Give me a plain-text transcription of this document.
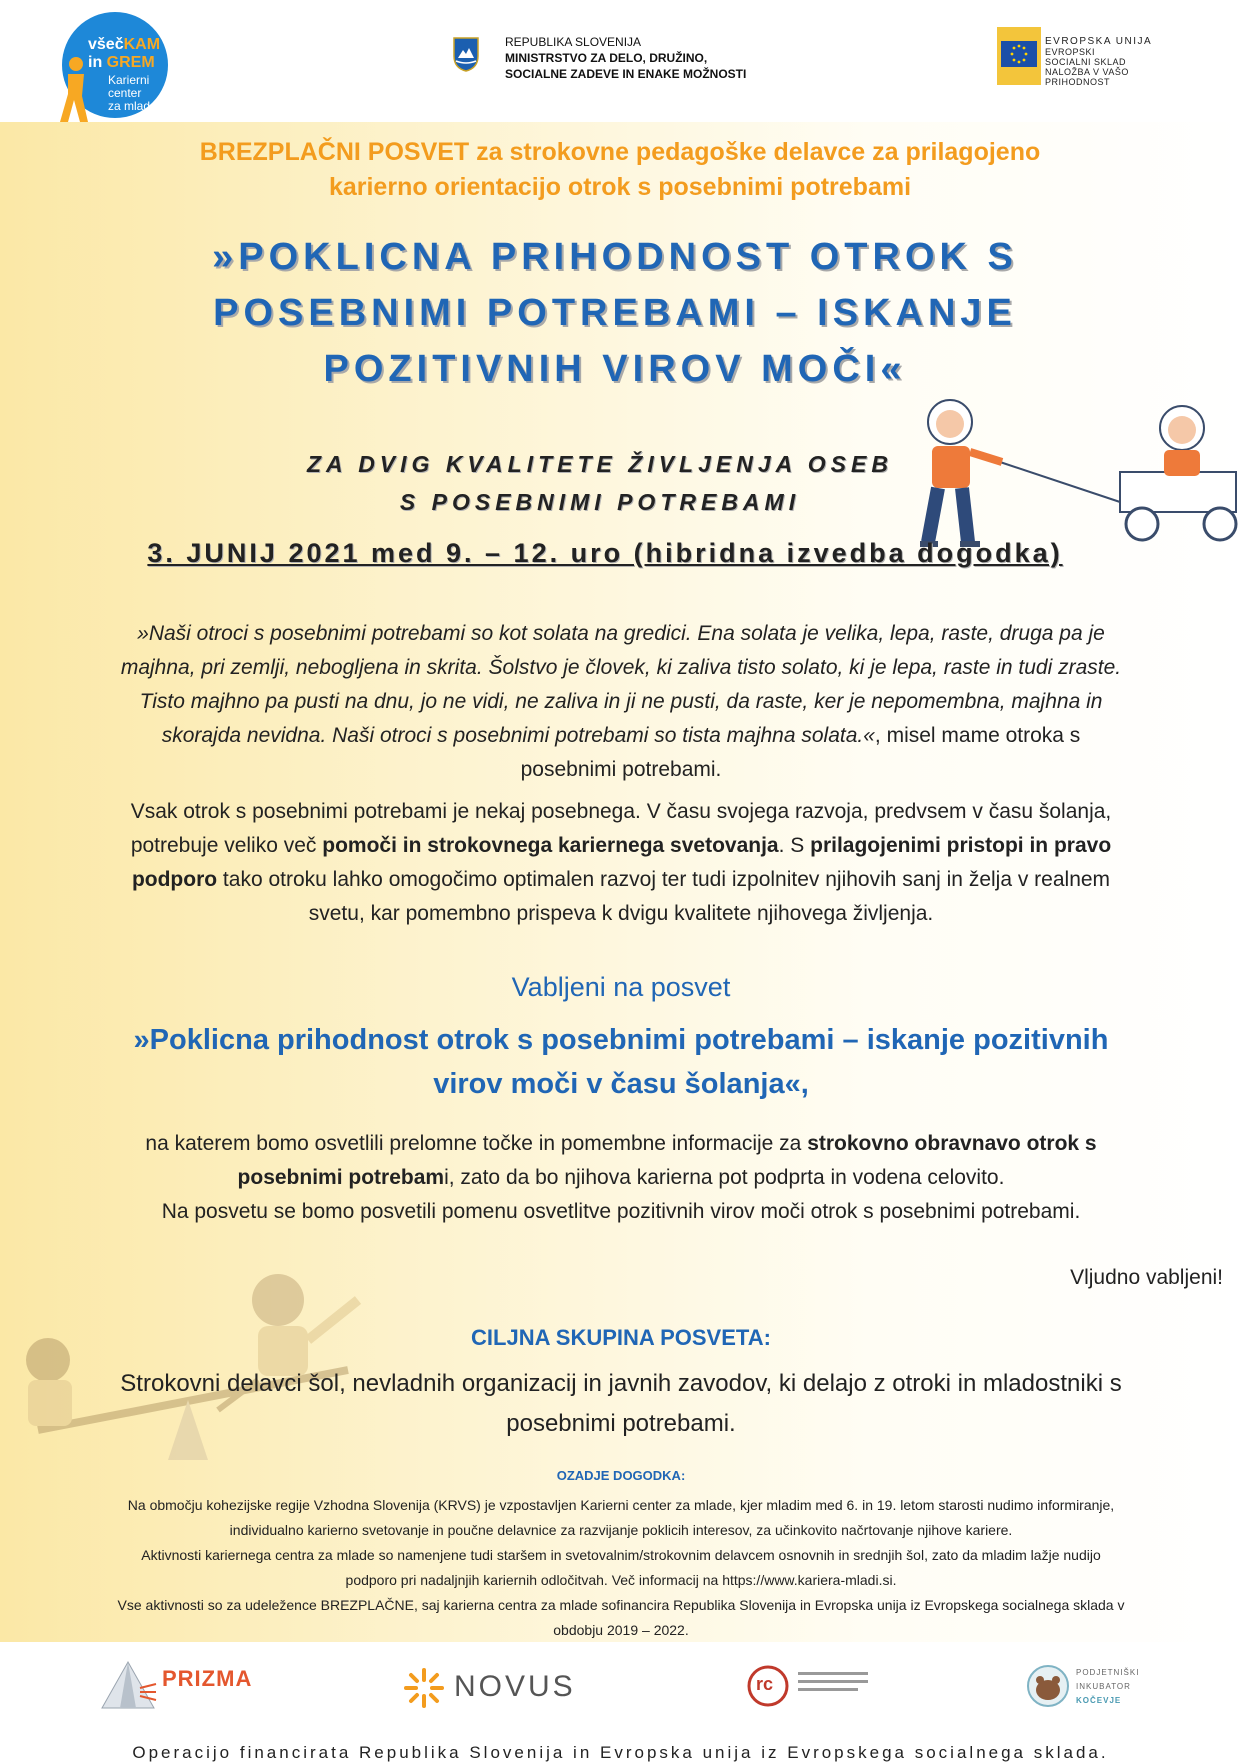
všečKAM
in GREM
Karierni
center
za mlade
REPUBLIKA SLOVENIJA
MINISTRSTVO ZA DELO, DRUŽINO,
SOCIALNE ZADEVE IN ENAKE MOŽNOSTI
EVROPSKA UNIJA
EVROPSKI
SOCIALNI SKLAD
NALOŽBA V VAŠO PRIHODNOST
BREZPLAČNI POSVET za strokovne pedagoške delavce za prilagojeno
karierno orientacijo otrok s posebnimi potrebami
»POKLICNA PRIHODNOST OTROK S
POSEBNIMI POTREBAMI – ISKANJE
POZITIVNIH VIROV MOČI«
ZA DVIG KVALITETE ŽIVLJENJA OSEB
S POSEBNIMI POTREBAMI
3. JUNIJ 2021 med 9. – 12. uro (hibridna izvedba dogodka)
»Naši otroci s posebnimi potrebami so kot solata na gredici. Ena solata je velika, lepa, raste, druga pa je
majhna, pri zemlji, nebogljena in skrita. Šolstvo je človek, ki zaliva tisto solato, ki je lepa, raste in tudi zraste.
Tisto majhno pa pusti na dnu, jo ne vidi, ne zaliva in ji ne pusti, da raste, ker je nepomembna, majhna in
skorajda nevidna. Naši otroci s posebnimi potrebami so tista majhna solata.«, misel mame otroka s
posebnimi potrebami.
Vsak otrok s posebnimi potrebami je nekaj posebnega. V času svojega razvoja, predvsem v času šolanja,
potrebuje veliko več pomoči in strokovnega kariernega svetovanja. S prilagojenimi pristopi in pravo
podporo tako otroku lahko omogočimo optimalen razvoj ter tudi izpolnitev njihovih sanj in želja v realnem
svetu, kar pomembno prispeva k dvigu kvalitete njihovega življenja.
Vabljeni na posvet
»Poklicna prihodnost otrok s posebnimi potrebami – iskanje pozitivnih
virov moči v času šolanja«,
na katerem bomo osvetlili prelomne točke in pomembne informacije za strokovno obravnavo otrok s
posebnimi potrebami, zato da bo njihova karierna pot podprta in vodena celovito.
Na posvetu se bomo posvetili pomenu osvetlitve pozitivnih virov moči otrok s posebnimi potrebami.
Vljudno vabljeni!
CILJNA SKUPINA POSVETA:
Strokovni delavci šol, nevladnih organizacij in javnih zavodov, ki delajo z otroki in mladostniki s
posebnimi potrebami.
OZADJE DOGODKA:
Na območju kohezijske regije Vzhodna Slovenija (KRVS) je vzpostavljen Karierni center za mlade, kjer mladim med 6. in 19. letom starosti nudimo informiranje,
individualno karierno svetovanje in poučne delavnice za razvijanje poklicih interesov, za učinkovito načrtovanje njihove kariere.
Aktivnosti kariernega centra za mlade so namenjene tudi staršem in svetovalnim/strokovnim delavcem osnovnih in srednjih šol, zato da mladim lažje nudijo
podporo pri nadaljnjih kariernih odločitvah. Več informacij na https://www.kariera-mladi.si.
Vse aktivnosti so za udeležence BREZPLAČNE, saj karierna centra za mlade sofinancira Republika Slovenija in Evropska unija iz Evropskega socialnega sklada v
obdobju 2019 – 2022.
PRIZMA	NOVUS	rc
PODJETNIŠKI
INKUBATOR
KOČEVJE
Operacijo financirata Republika Slovenija in Evropska unija iz Evropskega socialnega sklada.
